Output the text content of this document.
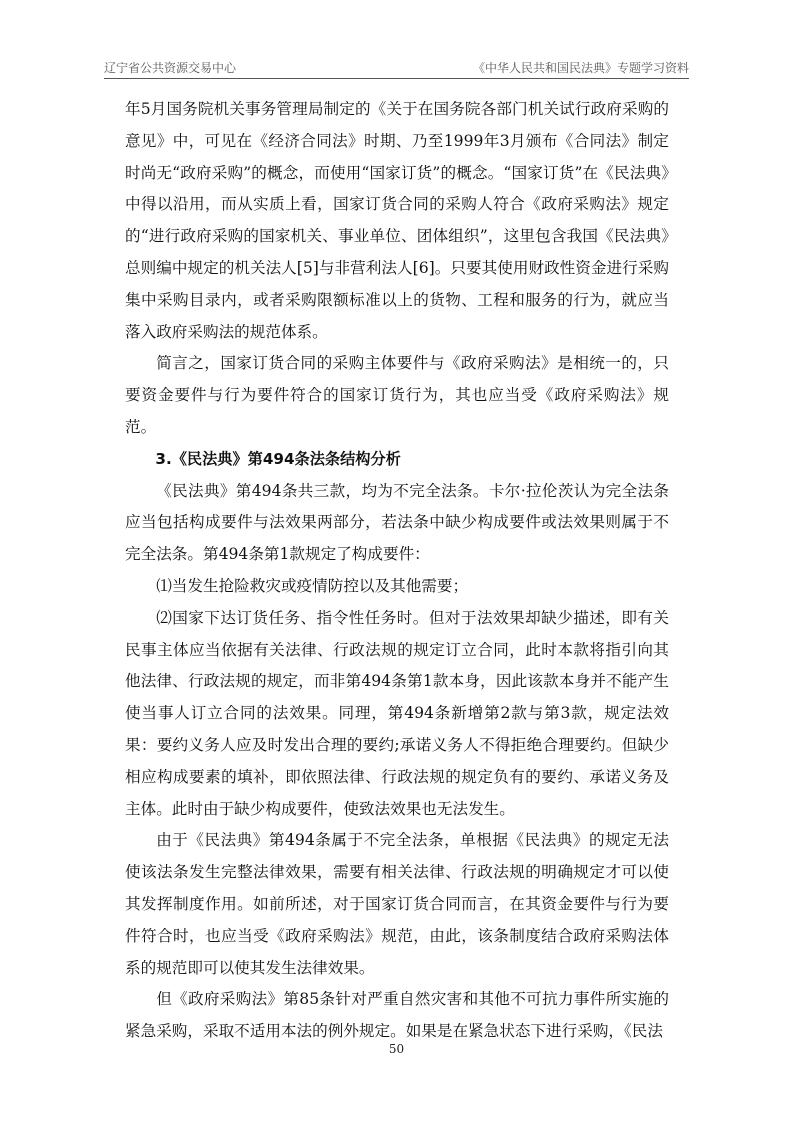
辽宁省公共资源交易中心	《中华人民共和国民法典》专题学习资料

年5月国务院机关事务管理局制定的《关于在国务院各部门机关试行政府采购的意见》中，可见在《经济合同法》时期、乃至1999年3月颁布《合同法》制定时尚无“政府采购”的概念，而使用“国家订货”的概念。“国家订货”在《民法典》中得以沿用，而从实质上看，国家订货合同的采购人符合《政府采购法》规定的“进行政府采购的国家机关、事业单位、团体组织”，这里包含我国《民法典》总则编中规定的机关法人[5]与非营利法人[6]。只要其使用财政性资金进行采购集中采购目录内，或者采购限额标准以上的货物、工程和服务的行为，就应当落入政府采购法的规范体系。

简言之，国家订货合同的采购主体要件与《政府采购法》是相统一的，只要资金要件与行为要件符合的国家订货行为，其也应当受《政府采购法》规范。

3.《民法典》第494条法条结构分析

《民法典》第494条共三款，均为不完全法条。卡尔·拉伦茨认为完全法条应当包括构成要件与法效果两部分，若法条中缺少构成要件或法效果则属于不完全法条。第494条第1款规定了构成要件：

⑴当发生抢险救灾或疫情防控以及其他需要；

⑵国家下达订货任务、指令性任务时。但对于法效果却缺少描述，即有关民事主体应当依据有关法律、行政法规的规定订立合同，此时本款将指引向其他法律、行政法规的规定，而非第494条第1款本身，因此该款本身并不能产生使当事人订立合同的法效果。同理，第494条新增第2款与第3款，规定法效果：要约义务人应及时发出合理的要约;承诺义务人不得拒绝合理要约。但缺少相应构成要素的填补，即依照法律、行政法规的规定负有的要约、承诺义务及主体。此时由于缺少构成要件，使致法效果也无法发生。

由于《民法典》第494条属于不完全法条，单根据《民法典》的规定无法使该法条发生完整法律效果，需要有相关法律、行政法规的明确规定才可以使其发挥制度作用。如前所述，对于国家订货合同而言，在其资金要件与行为要件符合时，也应当受《政府采购法》规范，由此，该条制度结合政府采购法体系的规范即可以使其发生法律效果。

但《政府采购法》第85条针对严重自然灾害和其他不可抗力事件所实施的紧急采购，采取不适用本法的例外规定。如果是在紧急状态下进行采购，《民法

50
